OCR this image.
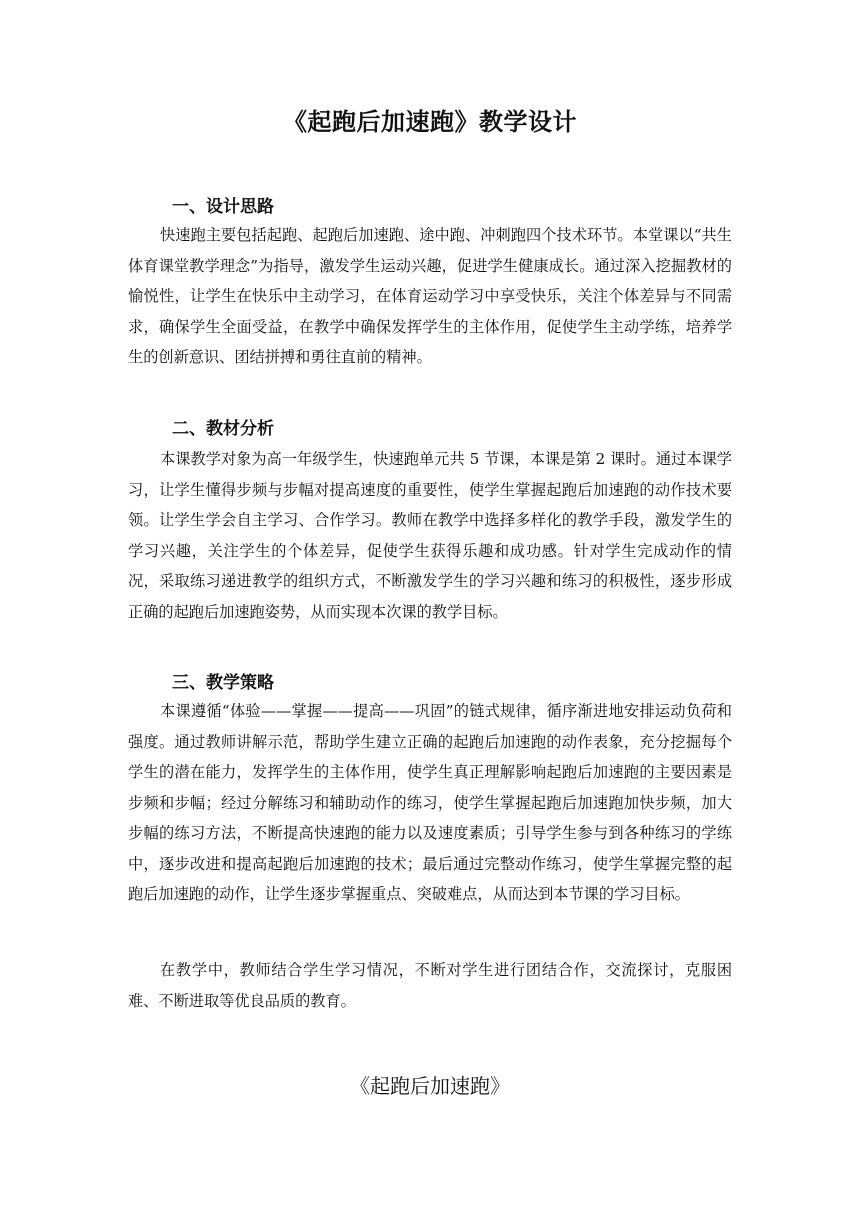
《起跑后加速跑》教学设计
一、设计思路

快速跑主要包括起跑、起跑后加速跑、途中跑、冲刺跑四个技术环节。本堂课以“共生体育课堂教学理念”为指导，激发学生运动兴趣，促进学生健康成长。通过深入挖掘教材的愉悦性，让学生在快乐中主动学习，在体育运动学习中享受快乐，关注个体差异与不同需求，确保学生全面受益，在教学中确保发挥学生的主体作用，促使学生主动学练，培养学生的创新意识、团结拼搏和勇往直前的精神。

二、教材分析

本课教学对象为高一年级学生，快速跑单元共 5 节课，本课是第 2 课时。通过本课学习，让学生懂得步频与步幅对提高速度的重要性，使学生掌握起跑后加速跑的动作技术要领。让学生学会自主学习、合作学习。教师在教学中选择多样化的教学手段，激发学生的学习兴趣，关注学生的个体差异，促使学生获得乐趣和成功感。针对学生完成动作的情况，采取练习递进教学的组织方式，不断激发学生的学习兴趣和练习的积极性，逐步形成正确的起跑后加速跑姿势，从而实现本次课的教学目标。

三、教学策略

本课遵循“体验——掌握——提高——巩固”的链式规律，循序渐进地安排运动负荷和强度。通过教师讲解示范，帮助学生建立正确的起跑后加速跑的动作表象，充分挖掘每个学生的潜在能力，发挥学生的主体作用，使学生真正理解影响起跑后加速跑的主要因素是步频和步幅；经过分解练习和辅助动作的练习，使学生掌握起跑后加速跑加快步频，加大步幅的练习方法，不断提高快速跑的能力以及速度素质；引导学生参与到各种练习的学练中，逐步改进和提高起跑后加速跑的技术；最后通过完整动作练习，使学生掌握完整的起跑后加速跑的动作，让学生逐步掌握重点、突破难点，从而达到本节课的学习目标。

在教学中，教师结合学生学习情况，不断对学生进行团结合作，交流探讨，克服困难、不断进取等优良品质的教育。

《起跑后加速跑》
